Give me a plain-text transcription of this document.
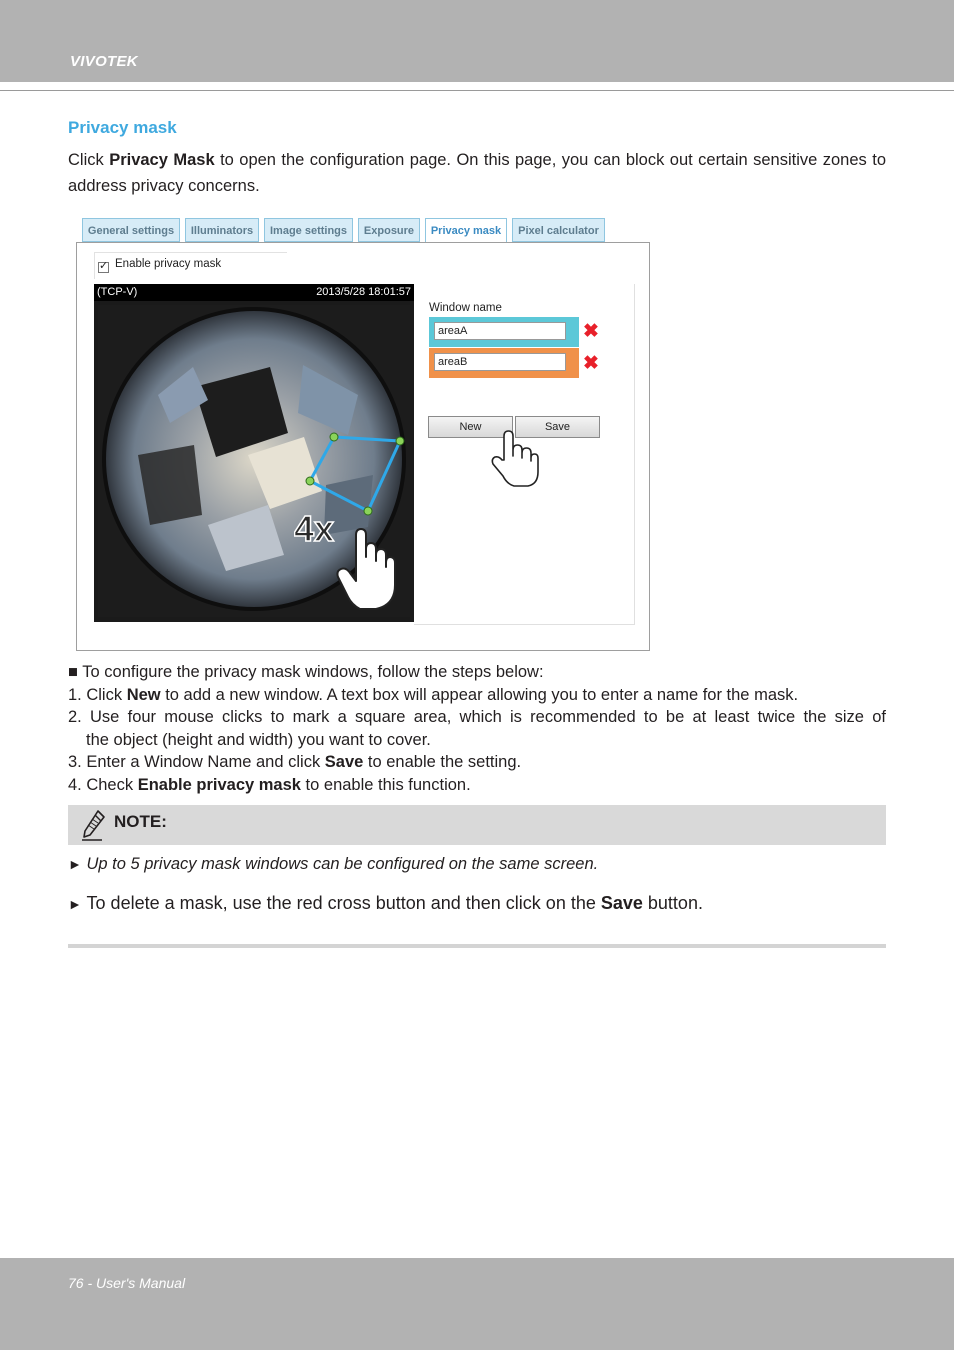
VIVOTEK
Privacy mask
Click Privacy Mask to open the configuration page. On this page, you can block out certain sensitive zones to address privacy concerns.
General settings	Illuminators	Image settings	Exposure	Privacy mask	Pixel calculator
✓
Enable privacy mask
(TCP-V)	2013/5/28 18:01:57
4x
Window name
areaA
✖
areaB
✖
New	Save

■ To configure the privacy mask windows, follow the steps below:

1. Click New to add a new window. A text box will appear allowing you to enter a name for the mask.

2. Use four mouse clicks to mark a square area, which is recommended to be at least twice the size of

the object (height and width) you want to cover.

3. Enter a Window Name and click Save to enable the setting.

4. Check Enable privacy mask to enable this function.

NOTE:
► Up to 5 privacy mask windows can be configured on the same screen.
► To delete a mask, use the red cross button and then click on the Save button.
76 - User's Manual
